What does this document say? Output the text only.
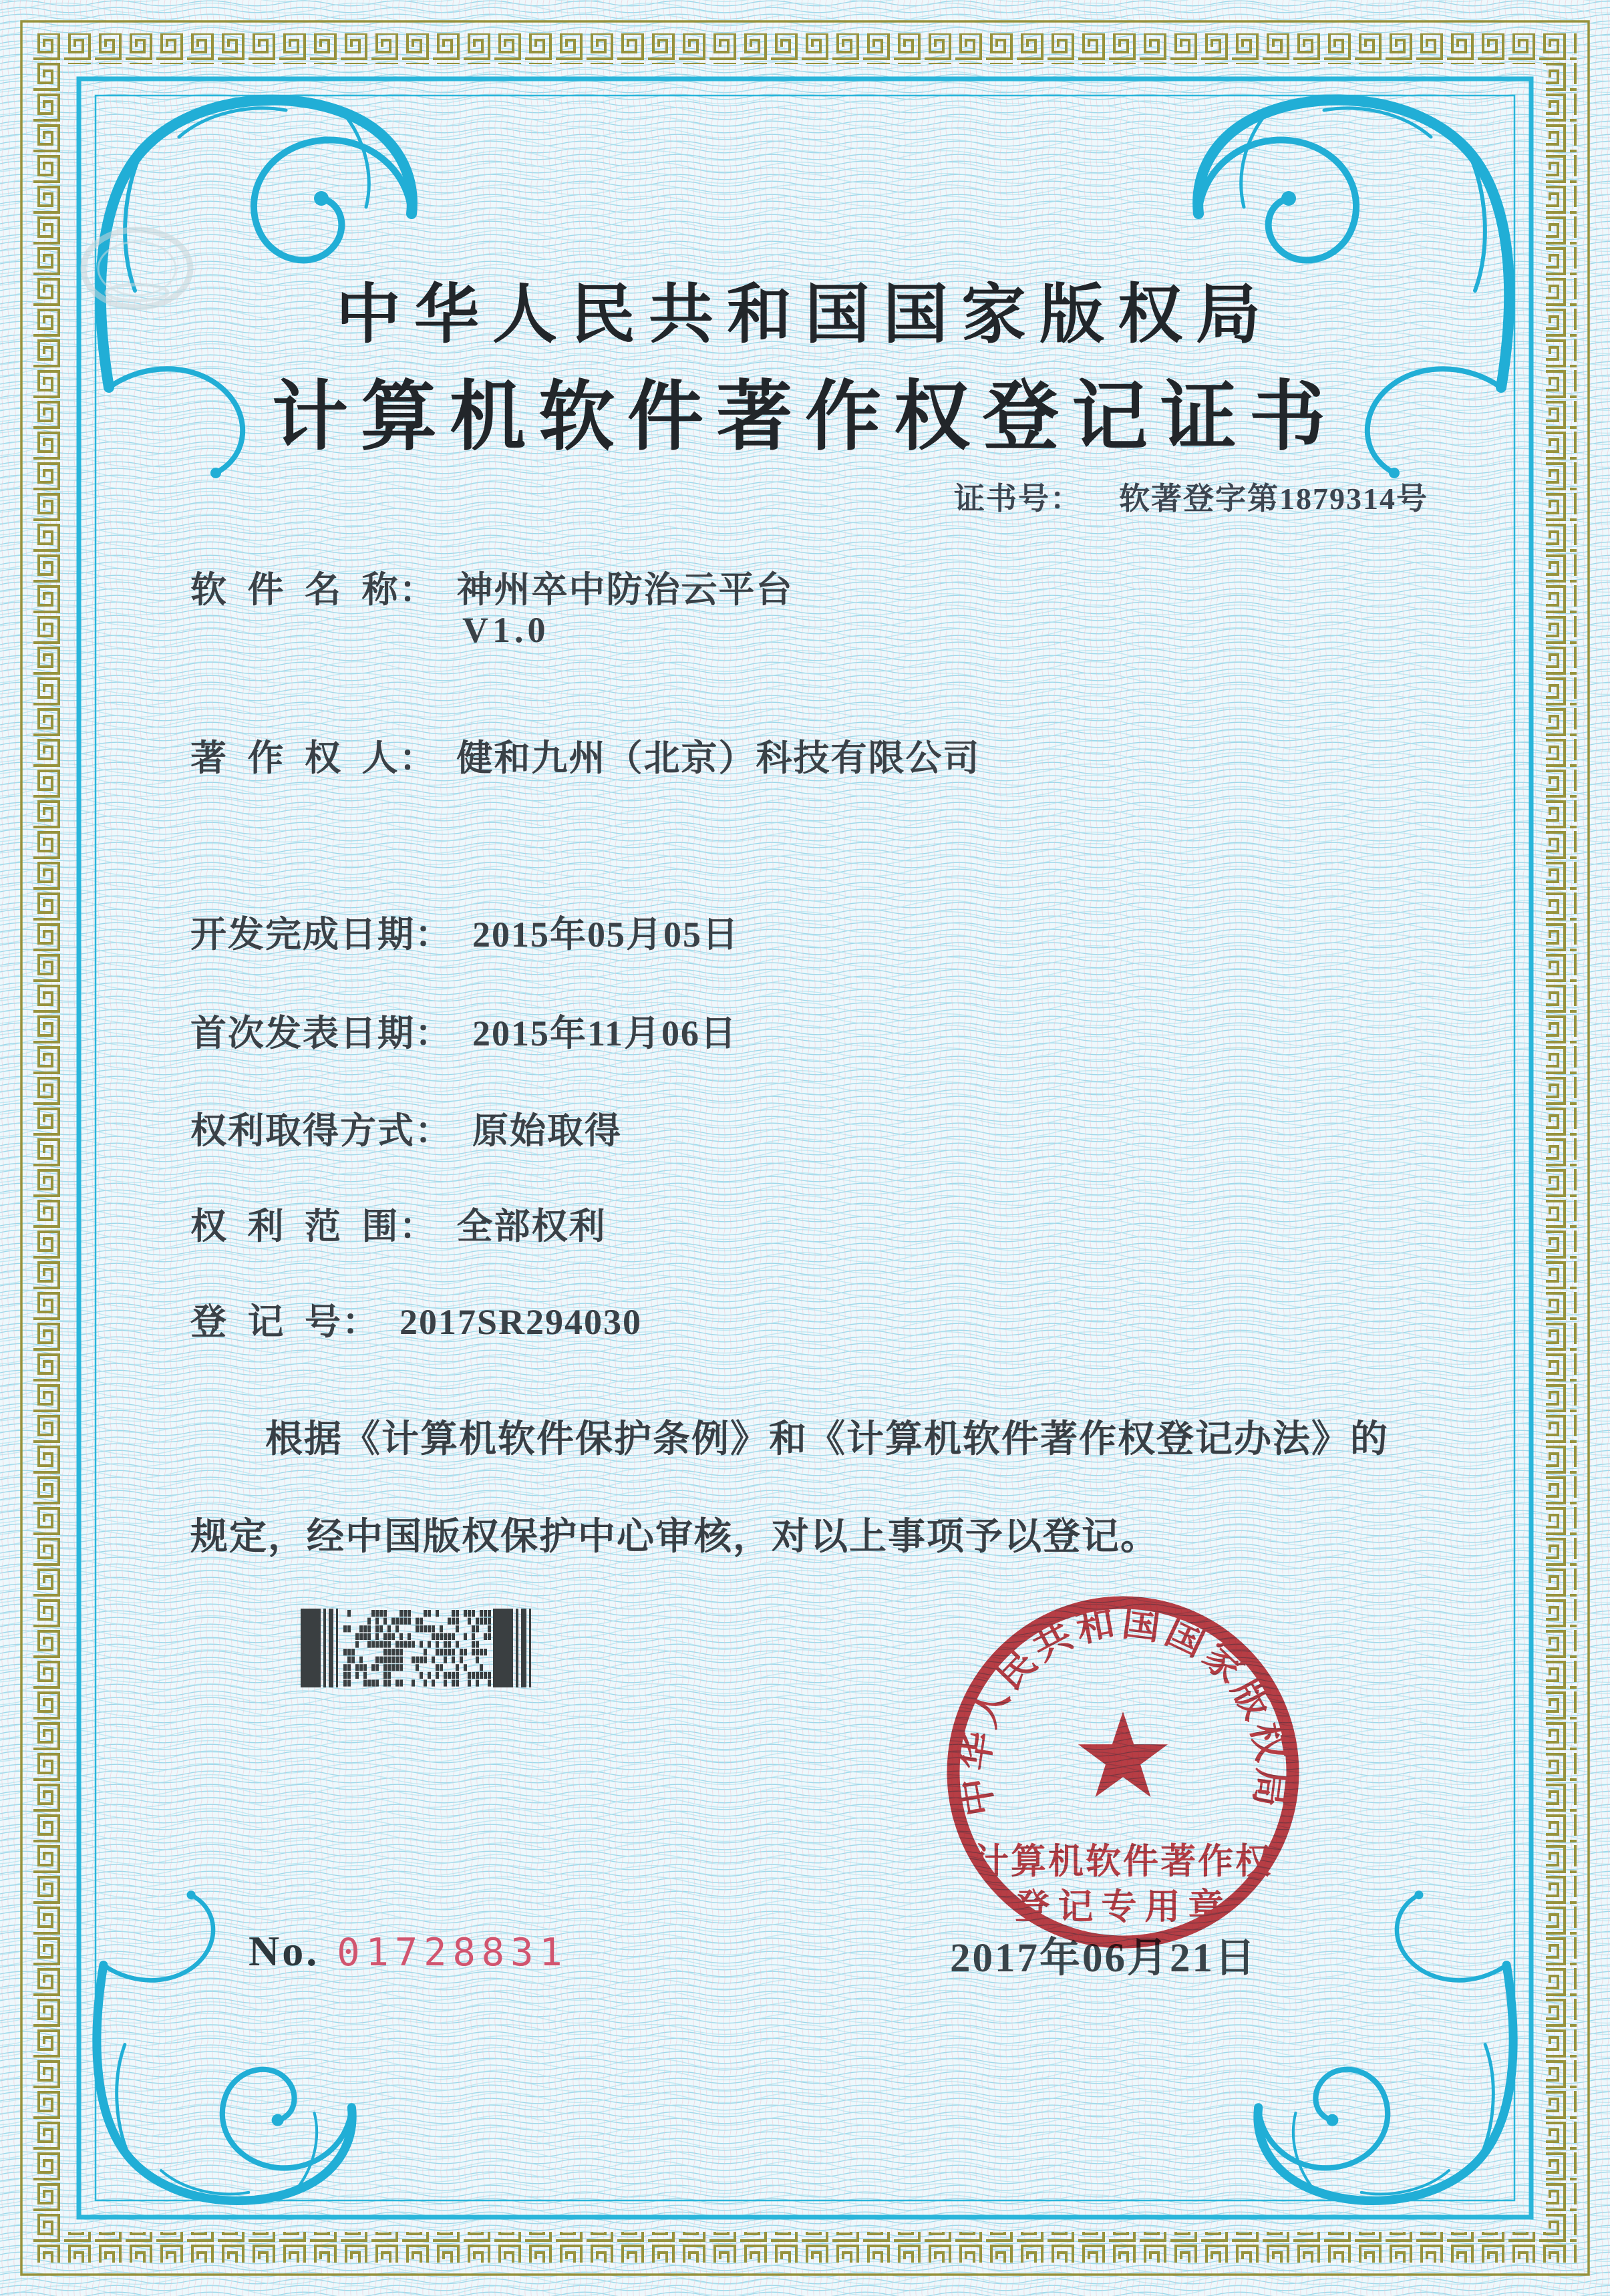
中华人民共和国国家版权局
计算机软件著作权登记证书
证书号： 软著登字第1879314号
软 件 名 称： 神州卒中防治云平台
V1.0
著 作 权 人： 健和九州（北京）科技有限公司
开发完成日期： 2015年05月05日
首次发表日期： 2015年11月06日
权利取得方式： 原始取得
权 利 范 围： 全部权利
登 记 号： 2017SR294030
根据《计算机软件保护条例》和《计算机软件著作权登记办法》的
规定，经中国版权保护中心审核，对以上事项予以登记。
中华人民共和国国家版权局
计算机软件著作权
登记专用章
2017年06月21日
No. 01728831
